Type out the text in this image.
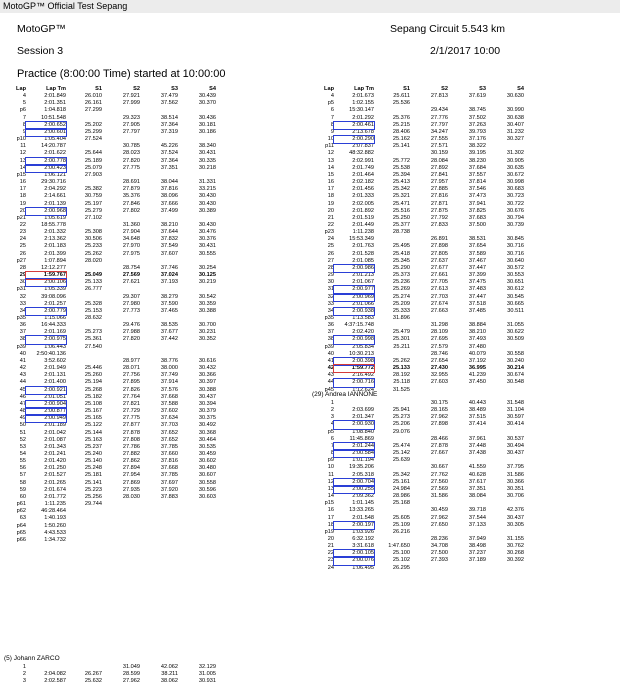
MotoGP™ Official Test Sepang
MotoGP™
Session 3
Practice (8:00:00 Time) started at 10:00:00
Sepang Circuit 5.543 km
2/1/2017 10:00
Lap	Lap Tm	S1	S2	S3	S4
4	2:01.849	26.010	27.921	37.479	30.439
5	2:01.351	26.161	27.999	37.562	30.370
p6	1:04.818	27.299			
7	10:51.548		29.323	38.514	30.436
8	2:00.652	25.202	27.905	37.364	30.181
9	2:00.601	25.299	27.797	37.319	30.186
p10	1:05.404	27.524			
11	14:20.787		30.785	45.226	38.340
12	2:01.622	25.644	28.023	37.524	30.431
13	2:00.778	25.189	27.820	37.364	30.335
14	2:00.423	25.079	27.775	37.351	30.218
p15	1:06.121	27.903			
16	29:30.716		28.691	38.044	31.331
17	2:04.292	25.382	27.879	37.816	33.215
18	2:14.661	30.759	35.376	38.096	30.430
19	2:01.139	25.197	27.846	37.666	30.430
20	2:00.968	25.279	27.802	37.499	30.389
p21	1:05.619	27.102			
22	18:55.778		31.360	38.210	30.430
23	2:01.332	25.308	27.904	37.644	30.476
24	2:13.362	30.506	34.648	37.832	30.376
25	2:01.183	25.233	27.970	37.549	30.431
26	2:01.399	25.262	27.975	37.607	30.555
p27	1:07.894	28.020			
28	12:12.277		28.754	37.746	30.254
29	1:59.767	25.049	27.569	37.024	30.125
30	2:00.106	25.133	27.621	37.193	30.219
p31	1:05.339	26.777			
32	39:08.096		29.307	38.279	30.542
33	2:01.257	25.328	27.980	37.590	30.359
34	2:00.779	25.153	27.773	37.465	30.388
p35	1:15.066	28.632			
36	16:44.333		29.476	38.535	30.700
37	2:01.169	25.273	27.988	37.677	30.231
38	2:00.975	25.361	27.820	37.442	30.352
p39	1:06.443	27.540			
40	2:50:40.136				
41	3:52.602		28.977	38.776	30.616
42	2:01.949	25.446	28.071	38.000	30.432
43	2:01.131	25.260	27.756	37.749	30.366
44	2:01.400	25.194	27.895	37.914	30.397
45	2:00.921	25.268	27.826	37.576	30.388
46	2:01.051	25.182	27.764	37.668	30.437
47	2:00.904	25.108	27.821	37.588	30.394
48	2:00.877	25.167	27.729	37.602	30.379
49	2:00.949	25.165	27.775	37.634	30.375
50	2:01.189	25.122	27.877	37.703	30.492
51	2:01.042	25.144	27.878	37.652	30.368
52	2:01.087	25.163	27.808	37.652	30.464
53	2:01.343	25.237	27.786	37.785	30.535
54	2:01.241	25.240	27.882	37.660	30.459
55	2:01.420	25.140	27.862	37.816	30.602
56	2:01.250	25.248	27.894	37.668	30.480
57	2:01.527	25.181	27.954	37.785	30.607
58	2:01.265	25.141	27.869	37.697	30.558
59	2:01.674	25.223	27.935	37.920	30.596
60	2:01.772	25.256	28.030	37.883	30.603
p61	1:11.235	29.744			
p62	46:28.464				
63	1:40.193				
p64	1:50.260				
p65	4:43.533				
p66	1:34.732				
(5) Johann ZARCO
1			31.049	42.062	32.129
2	2:04.082	26.267	28.599	38.211	31.005
3	2:02.587	25.632	27.962	38.062	30.931
Lap	Lap Tm	S1	S2	S3	S4
4	2:01.673	25.611	27.813	37.619	30.630
p5	1:02.155	25.536			
6	15:30.147		29.434	38.745	30.990
7	2:01.292	25.376	27.776	37.502	30.638
8	2:00.461	25.215	27.797	37.263	30.407
9	2:13.678	28.406	34.247	39.793	31.232
10	2:00.290	25.162	27.555	37.176	30.327
p11	2:07.837	25.141	27.571	38.322	
12	48:32.882		30.159	39.195	31.302
13	2:02.991	25.772	28.084	38.230	30.905
14	2:01.749	25.538	27.892	37.684	30.635
15	2:01.464	25.394	27.841	37.557	30.672
16	2:02.182	25.413	27.957	37.814	30.998
17	2:01.456	25.342	27.885	37.546	30.683
18	2:01.333	25.321	27.816	37.473	30.723
19	2:02.005	25.471	27.871	37.941	30.722
20	2:01.892	25.516	27.875	37.825	30.676
21	2:01.519	25.250	27.792	37.683	30.794
22	2:01.449	25.377	27.833	37.500	30.739
p23	1:11.238	28.738			
24	15:53.349		26.891	38.531	30.845
25	2:01.763	25.495	27.898	37.654	30.716
26	2:01.528	25.418	27.805	37.589	30.716
27	2:01.085	25.345	27.637	37.467	30.640
28	2:00.986	25.290	27.677	37.447	30.572
29	2:01.213	25.373	27.661	37.399	30.553
30	2:01.067	25.236	27.705	37.475	30.651
31	2:00.977	25.269	27.613	37.483	30.612
32	2:00.969	25.274	27.703	37.447	30.545
33	2:01.066	25.209	27.674	37.518	30.665
34	2:00.938	25.333	27.663	37.485	30.511
p35	1:13.583	31.896			
36	4:37:15.748		31.298	38.884	31.055
37	2:02.420	25.479	28.109	38.210	30.622
38	2:00.998	25.301	27.695	37.493	30.509
p39	2:05.834	25.211	27.579	37.480	
40	10:30.213		28.746	40.079	30.558
41	2:00.398	25.262	27.654	37.192	30.240
42	1:59.772	25.133	27.430	36.995	30.214
43	2:16.492	28.192	32.955	41.239	30.674
44	2:00.716	25.118	27.603	37.450	30.548
p45	1:12.624	31.525			
(29) Andrea IANNONE
1			30.175	40.443	31.548
2	2:03.699	25.941	28.165	38.489	31.104
3	2:01.347	25.273	27.962	37.515	30.597
4	2:00.930	25.206	27.898	37.414	30.414
p5	1:08.840	29.076			
6	11:45.869		28.466	37.961	30.537
7	2:01.244	25.474	27.878	37.448	30.494
8	2:00.584	25.142	27.667	37.438	30.437
p9	1:01.194	25.639			
10	19:35.206		30.667	41.559	37.795
11	2:05.318	25.342	27.762	40.628	31.586
12	2:00.704	25.161	27.560	37.617	30.366
13	2:00.255	24.984	27.569	37.351	30.351
14	2:09.362	28.986	31.586	38.084	30.706
p15	1:01.145	25.168			
16	13:33.265		30.459	39.718	42.376
17	2:01.548	25.605	27.962	37.544	30.437
18	2:00.197	25.109	27.650	37.133	30.305
p19	1:03.926	26.216			
20	6:32.192		28.236	37.949	31.155
21	3:31.618	1:47.650	34.708	38.498	30.762
22	2:00.105	25.100	27.500	37.237	30.268
23	2:00.076	25.102	27.393	37.189	30.392
24	1:06.495	26.295			
